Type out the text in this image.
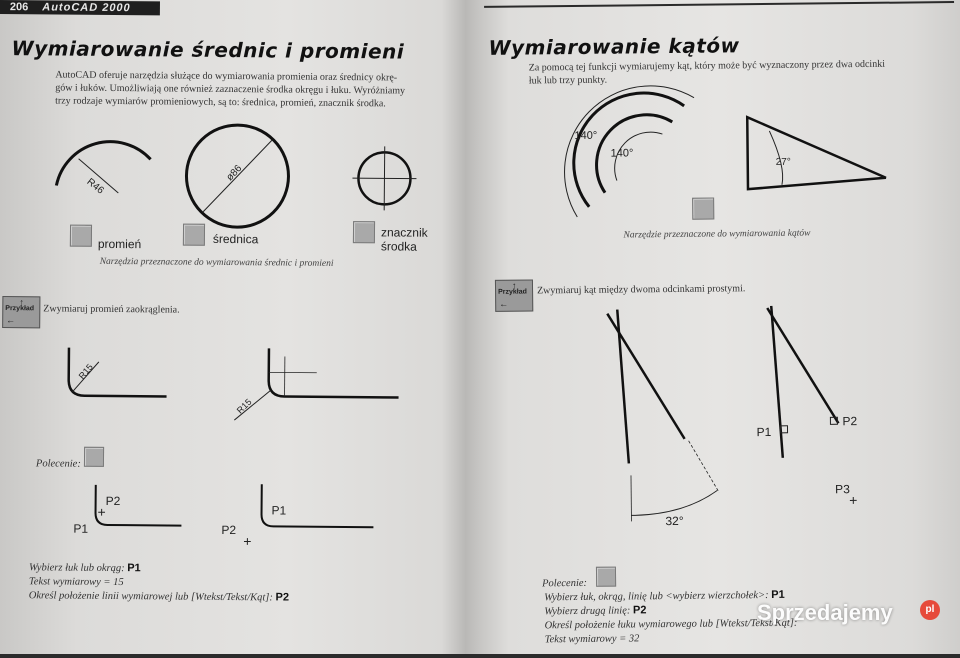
206 AutoCAD 2000
Wymiarowanie średnic i promieni
AutoCAD oferuje narzędzia służące do wymiarowania promienia oraz średnicy okrę-
gów i łuków. Umożliwiają one również zaznaczenie środka okręgu i łuku. Wyróżniamy
trzy rodzaje wymiarów promieniowych, są to: średnica, promień, znacznik środka.
R46
ø86
promień	średnica	znacznik
środka
Narzędzia przeznaczone do wymiarowania średnic i promieni
↑
Przykład
←
Zwymiaruj promień zaokrąglenia.
R15
R15
Polecenie:
P2
+
P1
P1
P2
+
Wybierz łuk lub okrąg: P1
Tekst wymiarowy = 15
Określ położenie linii wymiarowej lub [Wtekst/Tekst/Kąt]: P2
Wymiarowanie kątów
Za pomocą tej funkcji wymiarujemy kąt, który może być wyznaczony przez dwa odcinki
łuk lub trzy punkty.
140°
140°
27°
Narzędzie przeznaczone do wymiarowania kątów
↑
Przykład
←
Zwymiaruj kąt między dwoma odcinkami prostymi.
32°
P1
P2
P3
+
Polecenie:
Wybierz łuk, okrąg, linię lub <wybierz wierzchołek>: P1
Wybierz drugą linię: P2
Określ położenie łuku wymiarowego lub [Wtekst/Tekst/Kąt]:
Tekst wymiarowy = 32
Sprzedajemy	pl
